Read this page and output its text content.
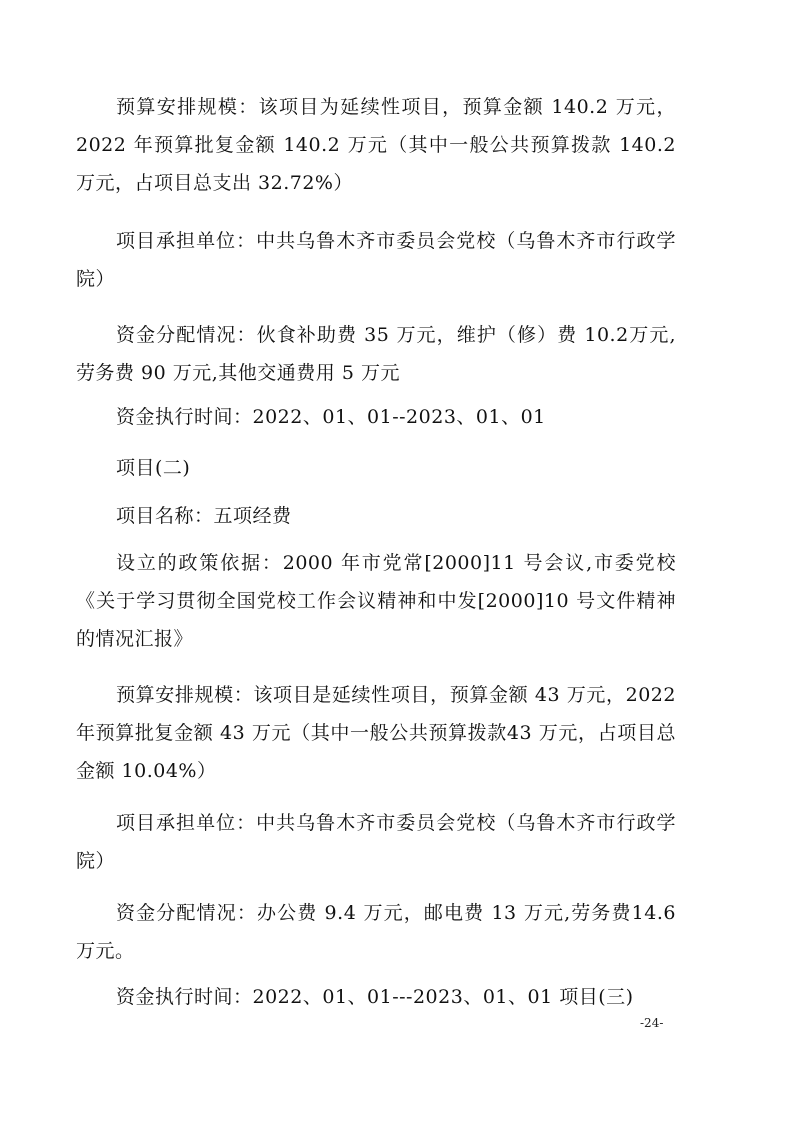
预算安排规模：该项目为延续性项目，预算金额 140.2 万元，2022 年预算批复金额 140.2 万元（其中一般公共预算拨款 140.2 万元，占项目总支出 32.72%）
项目承担单位：中共乌鲁木齐市委员会党校（乌鲁木齐市行政学院）
资金分配情况：伙食补助费 35 万元，维护（修）费 10.2万元,劳务费 90 万元,其他交通费用 5 万元
资金执行时间：2022、01、01--2023、01、01
项目(二)
项目名称：五项经费
设立的政策依据：2000 年市党常[2000]11 号会议,市委党校《关于学习贯彻全国党校工作会议精神和中发[2000]10 号文件精神的情况汇报》
预算安排规模：该项目是延续性项目，预算金额 43 万元，2022 年预算批复金额 43 万元（其中一般公共预算拨款43 万元，占项目总金额 10.04%）
项目承担单位：中共乌鲁木齐市委员会党校（乌鲁木齐市行政学院）
资金分配情况：办公费 9.4 万元，邮电费 13 万元,劳务费14.6 万元。
资金执行时间：2022、01、01---2023、01、01 项目(三)
-24-
